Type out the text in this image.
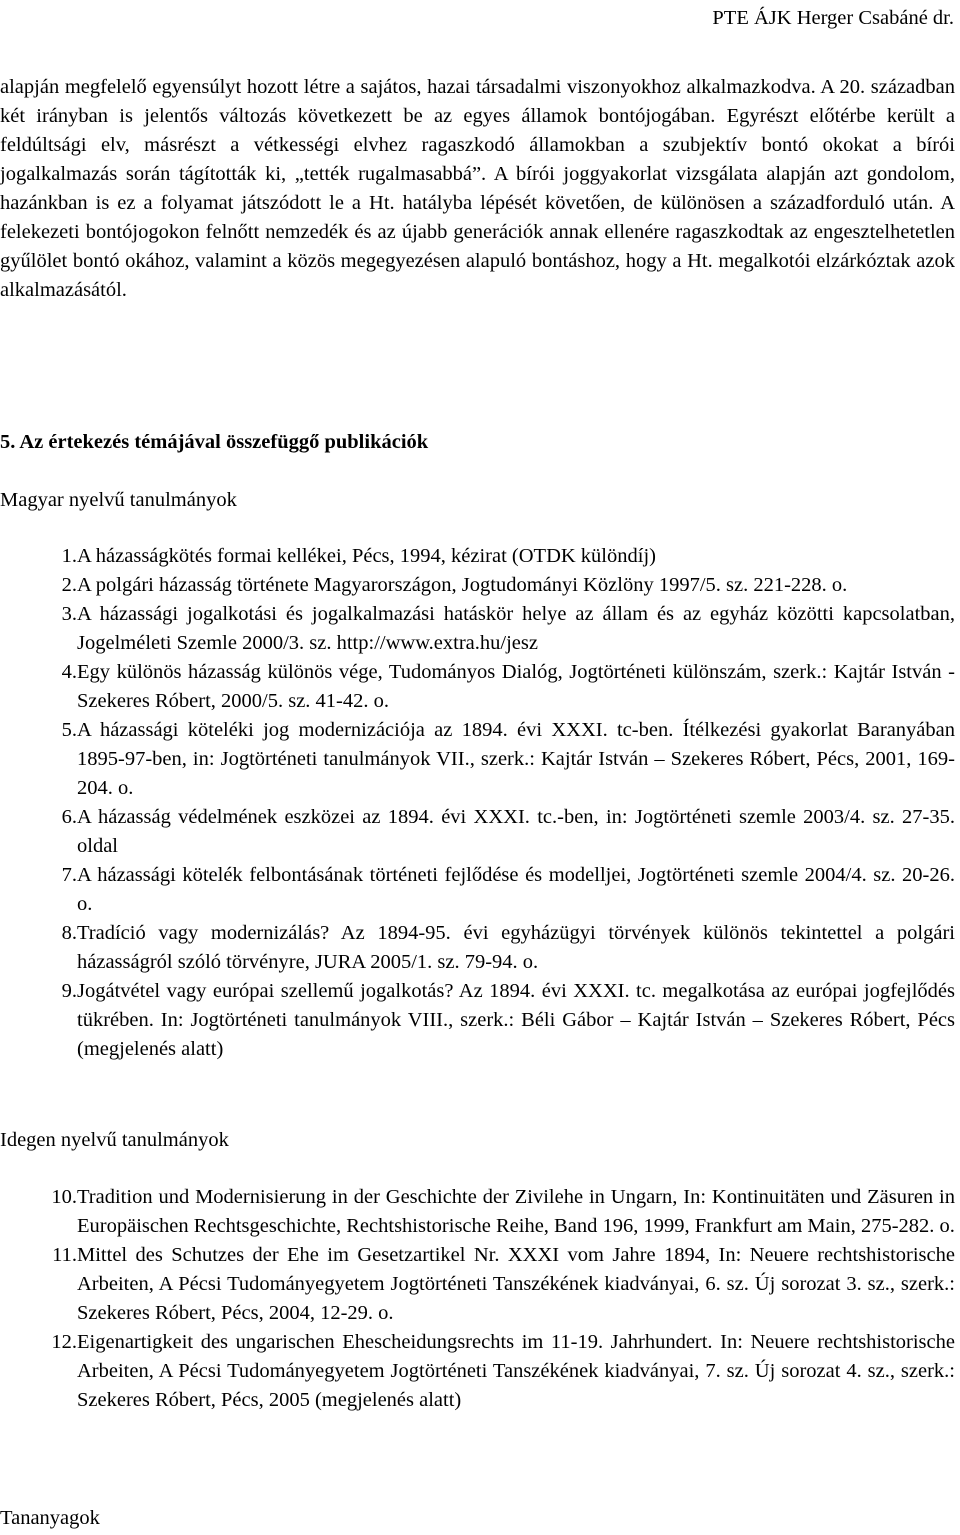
PTE ÁJK Herger Csabáné dr.

alapján megfelelő egyensúlyt hozott létre a sajátos, hazai társadalmi viszonyokhoz alkalmazkodva. A 20. században két irányban is jelentős változás következett be az egyes államok bontójogában. Egyrészt előtérbe került a feldúltsági elv, másrészt a vétkességi elvhez ragaszkodó államokban a szubjektív bontó okokat a bírói jogalkalmazás során tágították ki, „tették rugalmasabbá”. A bírói joggyakorlat vizsgálata alapján azt gondolom, hazánkban is ez a folyamat játszódott le a Ht. hatályba lépését követően, de különösen a századforduló után. A felekezeti bontójogokon felnőtt nemzedék és az újabb generációk annak ellenére ragaszkodtak az engesztelhetetlen gyűlölet bontó okához, valamint a közös megegyezésen alapuló bontáshoz, hogy a Ht. megalkotói elzárkóztak azok alkalmazásától.

5. Az értekezés témájával összefüggő publikációk
Magyar nyelvű tanulmányok
1. A házasságkötés formai kellékei, Pécs, 1994, kézirat (OTDK különdíj)
2. A polgári házasság története Magyarországon, Jogtudományi Közlöny 1997/5. sz. 221-228. o.
3. A házassági jogalkotási és jogalkalmazási hatáskör helye az állam és az egyház közötti kapcsolatban, Jogelméleti Szemle 2000/3. sz. http://www.extra.hu/jesz
4. Egy különös házasság különös vége, Tudományos Dialóg, Jogtörténeti különszám, szerk.: Kajtár István - Szekeres Róbert, 2000/5. sz. 41-42. o.
5. A házassági köteléki jog modernizációja az 1894. évi XXXI. tc-ben. Ítélkezési gyakorlat Baranyában 1895-97-ben, in: Jogtörténeti tanulmányok VII., szerk.: Kajtár István – Szekeres Róbert, Pécs, 2001, 169-204. o.
6. A házasság védelmének eszközei az 1894. évi XXXI. tc.-ben, in: Jogtörténeti szemle 2003/4. sz. 27-35. oldal
7. A házassági kötelék felbontásának történeti fejlődése és modelljei, Jogtörténeti szemle 2004/4. sz. 20-26. o.
8. Tradíció vagy modernizálás? Az 1894-95. évi egyházügyi törvények különös tekintettel a polgári házasságról szóló törvényre, JURA 2005/1. sz. 79-94. o.
9. Jogátvétel vagy európai szellemű jogalkotás? Az 1894. évi XXXI. tc. megalkotása az európai jogfejlődés tükrében. In: Jogtörténeti tanulmányok VIII., szerk.: Béli Gábor – Kajtár István – Szekeres Róbert, Pécs (megjelenés alatt)
Idegen nyelvű tanulmányok
10. Tradition und Modernisierung in der Geschichte der Zivilehe in Ungarn, In: Kontinuitäten und Zäsuren in Europäischen Rechtsgeschichte, Rechtshistorische Reihe, Band 196, 1999, Frankfurt am Main, 275-282. o.
11. Mittel des Schutzes der Ehe im Gesetzartikel Nr. XXXI vom Jahre 1894, In: Neuere rechtshistorische Arbeiten, A Pécsi Tudományegyetem Jogtörténeti Tanszékének kiadványai, 6. sz. Új sorozat 3. sz., szerk.: Szekeres Róbert, Pécs, 2004, 12-29. o.
12. Eigenartigkeit des ungarischen Ehescheidungsrechts im 11-19. Jahrhundert. In: Neuere rechtshistorische Arbeiten, A Pécsi Tudományegyetem Jogtörténeti Tanszékének kiadványai, 7. sz. Új sorozat 4. sz., szerk.: Szekeres Róbert, Pécs, 2005 (megjelenés alatt)
Tananyagok
